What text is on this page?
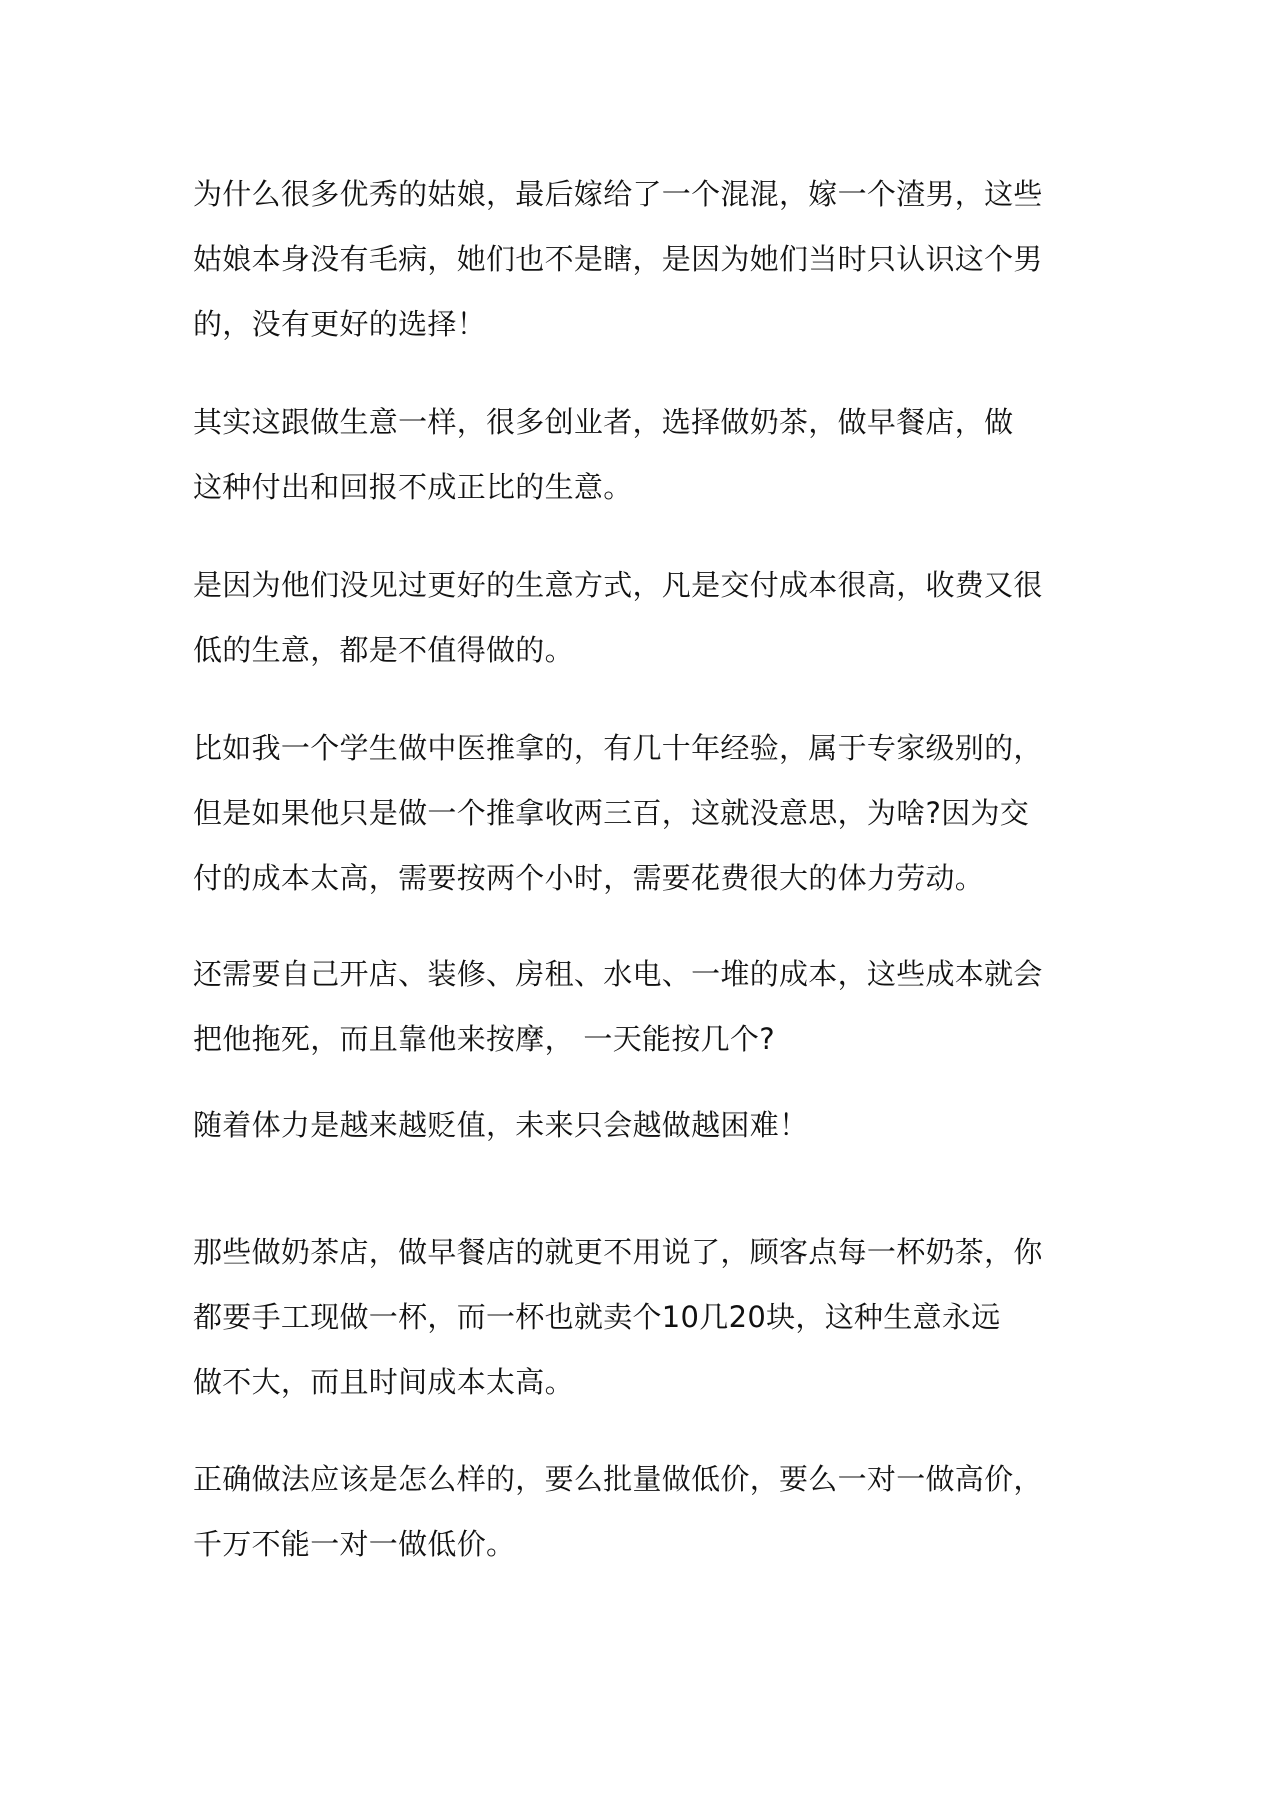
为什么很多优秀的姑娘，最后嫁给了一个混混，嫁一个渣男，这些
姑娘本身没有毛病，她们也不是瞎，是因为她们当时只认识这个男
的，没有更好的选择！

其实这跟做生意一样，很多创业者，选择做奶茶，做早餐店，做
这种付出和回报不成正比的生意。

是因为他们没见过更好的生意方式，凡是交付成本很高，收费又很
低的生意，都是不值得做的。

比如我一个学生做中医推拿的，有几十年经验，属于专家级别的，
但是如果他只是做一个推拿收两三百，这就没意思，为啥?因为交
付的成本太高，需要按两个小时，需要花费很大的体力劳动。

还需要自己开店、装修、房租、水电、一堆的成本，这些成本就会
把他拖死，而且靠他来按摩， 一天能按几个?

随着体力是越来越贬值，未来只会越做越困难！

那些做奶茶店，做早餐店的就更不用说了，顾客点每一杯奶茶，你
都要手工现做一杯，而一杯也就卖个10几20块，这种生意永远
做不大，而且时间成本太高。

正确做法应该是怎么样的，要么批量做低价，要么一对一做高价，
千万不能一对一做低价。
